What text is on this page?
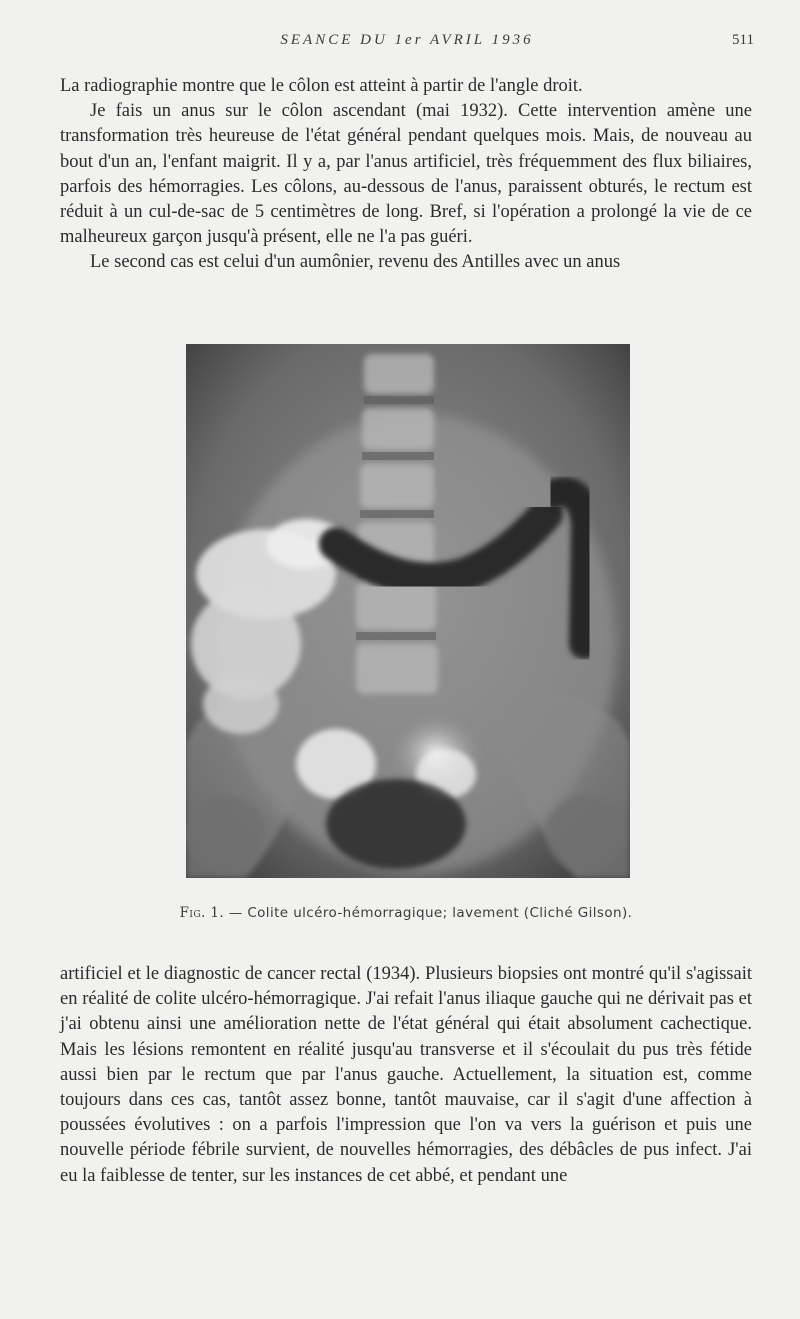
SEANCE DU 1er AVRIL 1936	511

La radiographie montre que le côlon est atteint à partir de l'angle droit.

Je fais un anus sur le côlon ascendant (mai 1932). Cette intervention amène une transformation très heureuse de l'état général pendant quelques mois. Mais, de nouveau au bout d'un an, l'enfant maigrit. Il y a, par l'anus artificiel, très fréquemment des flux biliaires, parfois des hémorragies. Les côlons, au-dessous de l'anus, paraissent obturés, le rectum est réduit à un cul-de-sac de 5 centimètres de long. Bref, si l'opération a prolongé la vie de ce malheureux garçon jusqu'à présent, elle ne l'a pas guéri.

Le second cas est celui d'un aumônier, revenu des Antilles avec un anus

Fig. 1. — Colite ulcéro-hémorragique; lavement (Cliché Gilson).

artificiel et le diagnostic de cancer rectal (1934). Plusieurs biopsies ont montré qu'il s'agissait en réalité de colite ulcéro-hémorragique. J'ai refait l'anus iliaque gauche qui ne dérivait pas et j'ai obtenu ainsi une amélioration nette de l'état général qui était absolument cachectique. Mais les lésions remontent en réalité jusqu'au transverse et il s'écoulait du pus très fétide aussi bien par le rectum que par l'anus gauche. Actuellement, la situation est, comme toujours dans ces cas, tantôt assez bonne, tantôt mauvaise, car il s'agit d'une affection à poussées évolutives : on a parfois l'impression que l'on va vers la guérison et puis une nouvelle période fébrile survient, de nouvelles hémorragies, des débâcles de pus infect. J'ai eu la faiblesse de tenter, sur les instances de cet abbé, et pendant une
